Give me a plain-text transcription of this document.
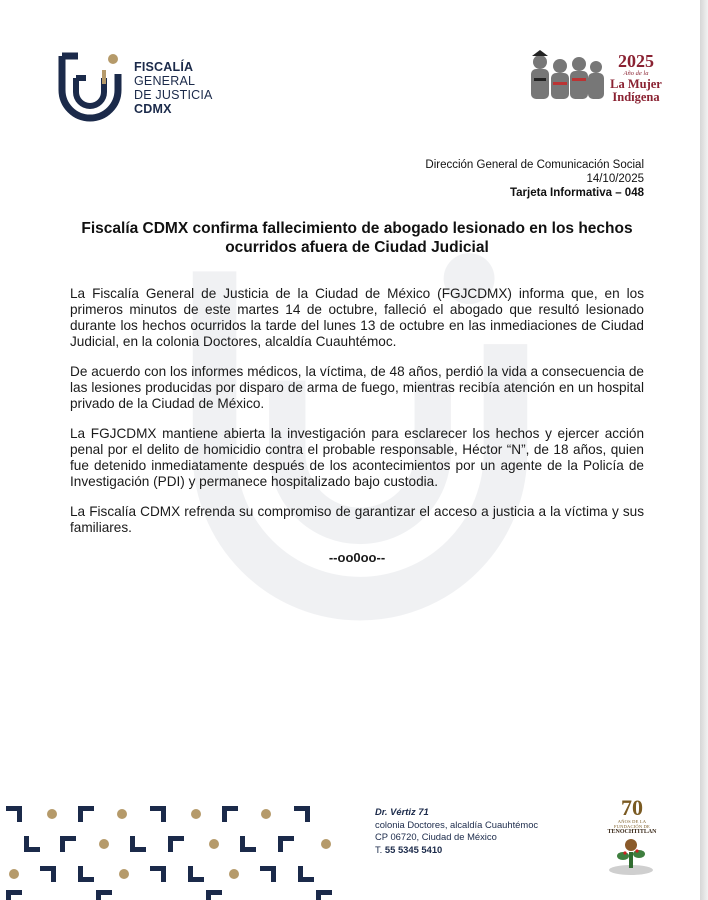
FISCALÍA
GENERAL
DE JUSTICIA
CDMX
2025
Año de la
La Mujer
Indígena
Dirección General de Comunicación Social
14/10/2025
Tarjeta Informativa – 048
Fiscalía CDMX confirma fallecimiento de abogado lesionado en los hechos ocurridos afuera de Ciudad Judicial

La Fiscalía General de Justicia de la Ciudad de México (FGJCDMX) informa que, en los primeros minutos de este martes 14 de octubre, falleció el abogado que resultó lesionado durante los hechos ocurridos la tarde del lunes 13 de octubre en las inmediaciones de Ciudad Judicial, en la colonia Doctores, alcaldía Cuauhtémoc.

De acuerdo con los informes médicos, la víctima, de 48 años, perdió la vida a consecuencia de las lesiones producidas por disparo de arma de fuego, mientras recibía atención en un hospital privado de la Ciudad de México.

La FGJCDMX mantiene abierta la investigación para esclarecer los hechos y ejercer acción penal por el delito de homicidio contra el probable responsable, Héctor “N”, de 18 años, quien fue detenido inmediatamente después de los acontecimientos por un agente de la Policía de Investigación (PDI) y permanece hospitalizado bajo custodia.

La Fiscalía CDMX refrenda su compromiso de garantizar el acceso a justicia a la víctima y sus familiares.

--oo0oo--
Dr. Vértiz 71
colonia Doctores, alcaldía Cuauhtémoc
CP 06720, Ciudad de México
T. 55 5345 5410
70
AÑOS DE LA FUNDACIÓN DE
TENOCHTITLAN
